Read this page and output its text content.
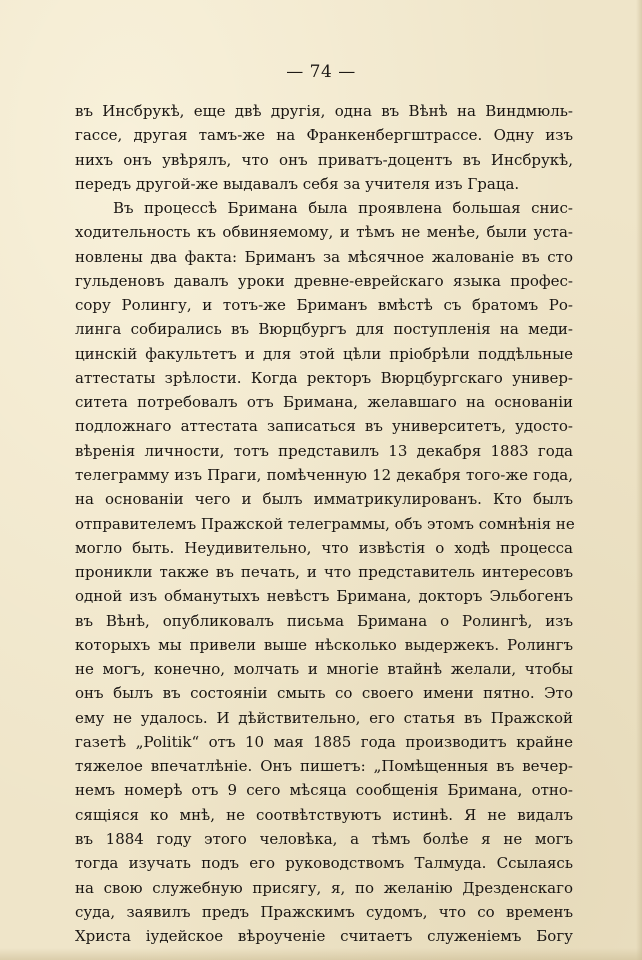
— 74 —
въ Инсбрукѣ, еще двѣ другія, одна въ Вѣнѣ на Виндмюль-
гассе, другая тамъ-же на Франкенбергштрассе. Одну изъ
нихъ онъ увѣрялъ, что онъ приватъ-доцентъ въ Инсбрукѣ,
передъ другой-же выдавалъ себя за учителя изъ Граца.
Въ процессѣ Бримана была проявлена большая снис-
ходительность къ обвиняемому, и тѣмъ не менѣе, были уста-
новлены два факта: Бриманъ за мѣсячное жалованіе въ сто
гульденовъ давалъ уроки древне-еврейскаго языка профес-
сору Ролингу, и тотъ-же Бриманъ вмѣстѣ съ братомъ Ро-
линга собирались въ Вюрцбургъ для поступленія на меди-
цинскій факультетъ и для этой цѣли пріобрѣли поддѣльные
аттестаты зрѣлости. Когда ректоръ Вюрцбургскаго универ-
ситета потребовалъ отъ Бримана, желавшаго на основаніи
подложнаго аттестата записаться въ университетъ, удосто-
вѣренія личности, тотъ представилъ 13 декабря 1883 года
телеграмму изъ Праги, помѣченную 12 декабря того-же года,
на основаніи чего и былъ имматрикулированъ. Кто былъ
отправителемъ Пражской телеграммы, объ этомъ сомнѣнія не
могло быть. Неудивительно, что извѣстія о ходѣ процесса
проникли также въ печать, и что представитель интересовъ
одной изъ обманутыхъ невѣстъ Бримана, докторъ Эльбогенъ
въ Вѣнѣ, опубликовалъ письма Бримана о Ролингѣ, изъ
которыхъ мы привели выше нѣсколько выдержекъ. Ролингъ
не могъ, конечно, молчать и многіе втайнѣ желали, чтобы
онъ былъ въ состояніи смыть со своего имени пятно. Это
ему не удалось. И дѣйствительно, его статья въ Пражской
газетѣ „Politik“ отъ 10 мая 1885 года производитъ крайне
тяжелое впечатлѣніе. Онъ пишетъ: „Помѣщенныя въ вечер-
немъ номерѣ отъ 9 сего мѣсяца сообщенія Бримана, отно-
сящіяся ко мнѣ, не соотвѣтствуютъ истинѣ. Я не видалъ
въ 1884 году этого человѣка, а тѣмъ болѣе я не могъ
тогда изучать подъ его руководствомъ Талмуда. Ссылаясь
на свою служебную присягу, я, по желанію Дрезденскаго
суда, заявилъ предъ Пражскимъ судомъ, что со временъ
Христа іудейское вѣроученіе считаетъ служеніемъ Богу
